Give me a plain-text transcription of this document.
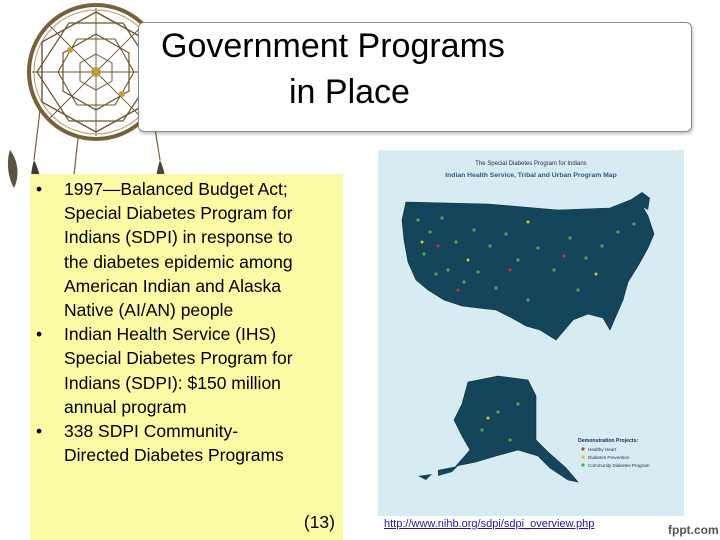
Government Programs
in Place
• 1997—Balanced Budget Act;
Special Diabetes Program for
Indians (SDPI) in response to
the diabetes epidemic among
American Indian and Alaska
Native (AI/AN) people
• Indian Health Service (IHS)
Special Diabetes Program for
Indians (SDPI): $150 million
annual program
• 338 SDPI Community-
Directed Diabetes Programs
(13)
The Special Diabetes Program for Indians
Indian Health Service, Tribal and Urban Program Map
Demonstration Projects:
Healthy Heart
Diabetes Prevention
Community Diabetes Program
http://www.nihb.org/sdpi/sdpi_overview.php	fppt.com
